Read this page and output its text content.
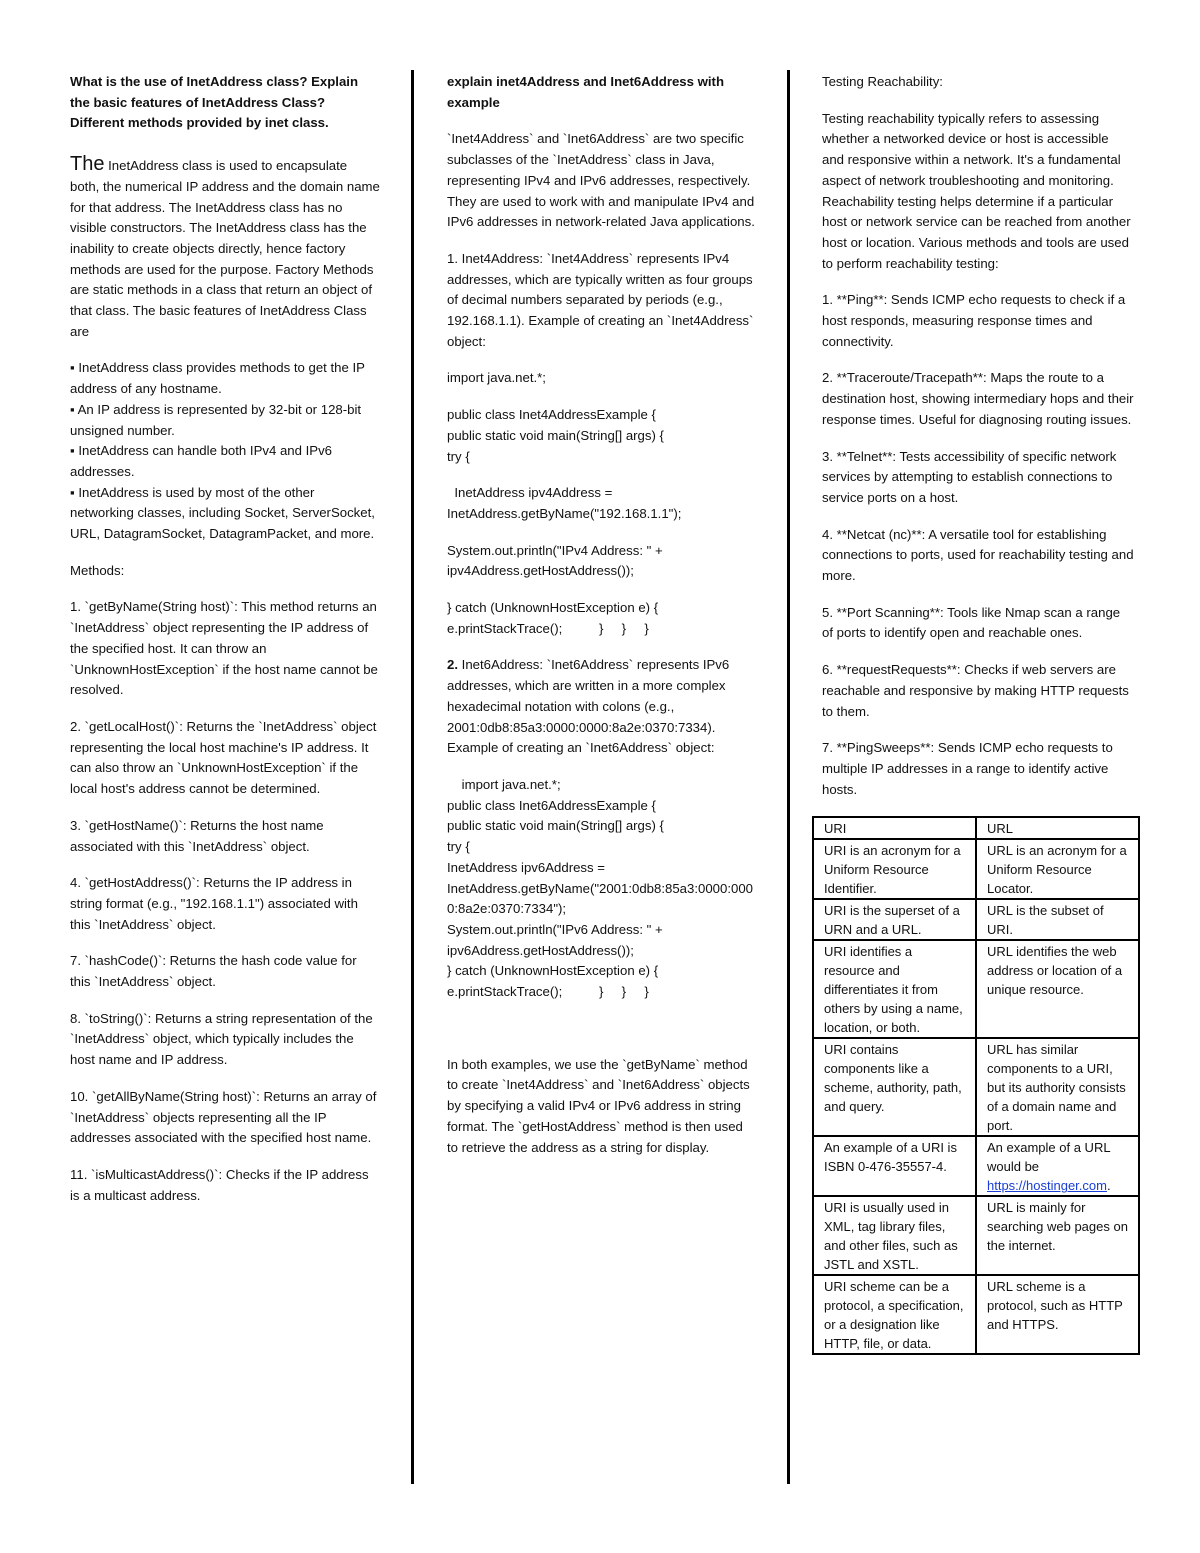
What is the use of InetAddress class? Explain the basic features of InetAddress Class? Different methods provided by inet class.

The InetAddress class is used to encapsulate both, the numerical IP address and the domain name for that address. The InetAddress class has no visible constructors. The InetAddress class has the inability to create objects directly, hence factory methods are used for the purpose. Factory Methods are static methods in a class that return an object of that class. The basic features of InetAddress Class are

▪ InetAddress class provides methods to get the IP address of any hostname.
▪ An IP address is represented by 32-bit or 128-bit unsigned number.
▪ InetAddress can handle both IPv4 and IPv6 addresses.
▪ InetAddress is used by most of the other networking classes, including Socket, ServerSocket, URL, DatagramSocket, DatagramPacket, and more.

Methods:

1. `getByName(String host)`: This method returns an `InetAddress` object representing the IP address of the specified host. It can throw an `UnknownHostException` if the host name cannot be resolved.

2. `getLocalHost()`: Returns the `InetAddress` object representing the local host machine's IP address. It can also throw an `UnknownHostException` if the local host's address cannot be determined.

3. `getHostName()`: Returns the host name associated with this `InetAddress` object.

4. `getHostAddress()`: Returns the IP address in string format (e.g., "192.168.1.1") associated with this `InetAddress` object.

7. `hashCode()`: Returns the hash code value for this `InetAddress` object.

8. `toString()`: Returns a string representation of the `InetAddress` object, which typically includes the host name and IP address.

10. `getAllByName(String host)`: Returns an array of `InetAddress` objects representing all the IP addresses associated with the specified host name.

11. `isMulticastAddress()`: Checks if the IP address is a multicast address.

explain inet4Address and Inet6Address with example

`Inet4Address` and `Inet6Address` are two specific subclasses of the `InetAddress` class in Java, representing IPv4 and IPv6 addresses, respectively. They are used to work with and manipulate IPv4 and IPv6 addresses in network-related Java applications.

1. Inet4Address: `Inet4Address` represents IPv4 addresses, which are typically written as four groups of decimal numbers separated by periods (e.g., 192.168.1.1). Example of creating an `Inet4Address` object:

import java.net.*;

public class Inet4AddressExample {
public static void main(String[] args) {
try {
InetAddress ipv4Address =
InetAddress.getByName("192.168.1.1");
System.out.println("IPv4 Address: " +
ipv4Address.getHostAddress());
} catch (UnknownHostException e) {
e.printStackTrace();          }     }     }

2. Inet6Address: `Inet6Address` represents IPv6 addresses, which are written in a more complex hexadecimal notation with colons (e.g., 2001:0db8:85a3:0000:0000:8a2e:0370:7334). Example of creating an `Inet6Address` object:

import java.net.*;
public class Inet6AddressExample {
public static void main(String[] args) {
try {
InetAddress ipv6Address =
InetAddress.getByName("2001:0db8:85a3:0000:0000:8a2e:0370:7334");
System.out.println("IPv6 Address: " +
ipv6Address.getHostAddress());
} catch (UnknownHostException e) {
e.printStackTrace();          }     }     }

In both examples, we use the `getByName` method to create `Inet4Address` and `Inet6Address` objects by specifying a valid IPv4 or IPv6 address in string format. The `getHostAddress` method is then used to retrieve the address as a string for display.

Testing Reachability:

Testing reachability typically refers to assessing whether a networked device or host is accessible and responsive within a network. It's a fundamental aspect of network troubleshooting and monitoring. Reachability testing helps determine if a particular host or network service can be reached from another host or location. Various methods and tools are used to perform reachability testing:

1. **Ping**: Sends ICMP echo requests to check if a host responds, measuring response times and connectivity.

2. **Traceroute/Tracepath**: Maps the route to a destination host, showing intermediary hops and their response times. Useful for diagnosing routing issues.

3. **Telnet**: Tests accessibility of specific network services by attempting to establish connections to service ports on a host.

4. **Netcat (nc)**: A versatile tool for establishing connections to ports, used for reachability testing and more.

5. **Port Scanning**: Tools like Nmap scan a range of ports to identify open and reachable ones.

6. **requestRequests**: Checks if web servers are reachable and responsive by making HTTP requests to them.

7. **PingSweeps**: Sends ICMP echo requests to multiple IP addresses in a range to identify active hosts.

URI	URL
URI is an acronym for a Uniform Resource Identifier.	URL is an acronym for a Uniform Resource Locator.
URI is the superset of a URN and a URL.	URL is the subset of URI.
URI identifies a resource and differentiates it from others by using a name, location, or both.	URL identifies the web address or location of a unique resource.
URI contains components like a scheme, authority, path, and query.	URL has similar components to a URI, but its authority consists of a domain name and port.
An example of a URI is ISBN 0-476-35557-4.	An example of a URL would be https://hostinger.com.
URI is usually used in XML, tag library files, and other files, such as JSTL and XSTL.	URL is mainly for searching web pages on the internet.
URI scheme can be a protocol, a specification, or a designation like HTTP, file, or data.	URL scheme is a protocol, such as HTTP and HTTPS.
